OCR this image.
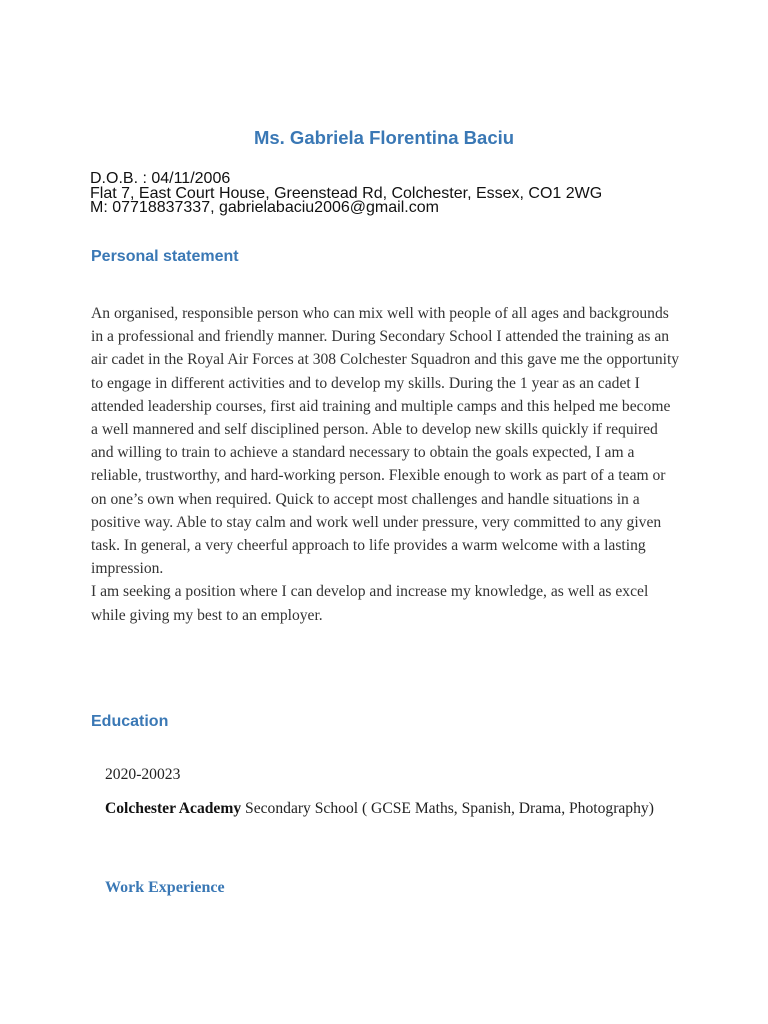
Ms. Gabriela Florentina Baciu
D.O.B. : 04/11/2006
Flat 7, East Court House, Greenstead Rd, Colchester, Essex, CO1 2WG
M: 07718837337, gabrielabaciu2006@gmail.com
Personal statement

An organised, responsible person who can mix well with people of all ages and backgrounds in a professional and friendly manner. During Secondary School I attended the training as an air cadet in the Royal Air Forces at 308 Colchester Squadron and this gave me the opportunity to engage in different activities and to develop my skills. During the 1 year as an cadet I attended leadership courses, first aid training and multiple camps and this helped me become a well mannered and self disciplined person. Able to develop new skills quickly if required and willing to train to achieve a standard necessary to obtain the goals expected, I am a reliable, trustworthy, and hard-working person. Flexible enough to work as part of a team or on one’s own when required. Quick to accept most challenges and handle situations in a positive way. Able to stay calm and work well under pressure, very committed to any given task. In general, a very cheerful approach to life provides a warm welcome with a lasting impression.

I am seeking a position where I can develop and increase my knowledge, as well as excel while giving my best to an employer.

Education
2020-20023
Colchester Academy Secondary School ( GCSE Maths, Spanish, Drama, Photography)
Work Experience
